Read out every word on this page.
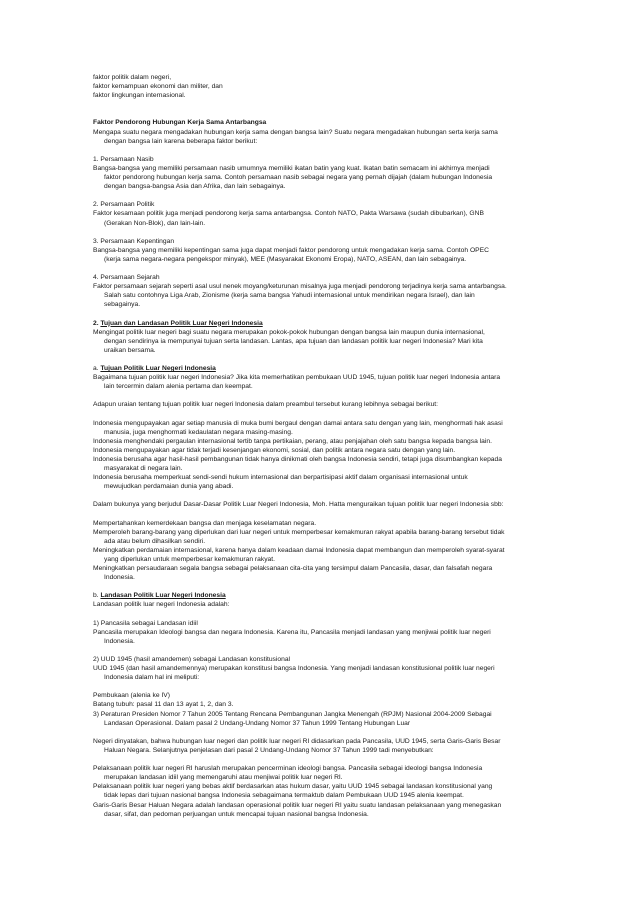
faktor politik dalam negeri,
faktor kemampuan ekonomi dan militer, dan
faktor lingkungan internasional.
Faktor Pendorong Hubungan Kerja Sama Antarbangsa
Mengapa suatu negara mengadakan hubungan kerja sama dengan bangsa lain? Suatu negara mengadakan hubungan serta kerja sama
dengan bangsa lain karena beberapa faktor berikut:
1. Persamaan Nasib
Bangsa-bangsa yang memiliki persamaan nasib umumnya memiliki ikatan batin yang kuat. Ikatan batin semacam ini akhirnya menjadi
faktor pendorong hubungan kerja sama. Contoh persamaan nasib sebagai negara yang pernah dijajah (dalam hubungan Indonesia
dengan bangsa-bangsa Asia dan Afrika, dan lain sebagainya.
2. Persamaan Politik
Faktor kesamaan politik juga menjadi pendorong kerja sama antarbangsa. Contoh NATO, Pakta Warsawa (sudah dibubarkan), GNB
(Gerakan Non-Blok), dan lain-lain.
3. Persamaan Kepentingan
Bangsa-bangsa yang memiliki kepentingan sama juga dapat menjadi faktor pendorong untuk mengadakan kerja sama. Contoh OPEC
(kerja sama negara-negara pengekspor minyak), MEE (Masyarakat Ekonomi Eropa), NATO, ASEAN, dan lain sebagainya.
4. Persamaan Sejarah
Faktor persamaan sejarah seperti asal usul nenek moyang/keturunan misalnya juga menjadi pendorong terjadinya kerja sama antarbangsa.
Salah satu contohnya Liga Arab, Zionisme (kerja sama bangsa Yahudi internasional untuk mendirikan negara Israel), dan lain
sebagainya.
2. Tujuan dan Landasan Politik Luar Negeri Indonesia
Mengingat politik luar negeri bagi suatu negara merupakan pokok-pokok hubungan dengan bangsa lain maupun dunia internasional,
dengan sendirinya ia mempunyai tujuan serta landasan. Lantas, apa tujuan dan landasan politik luar negeri Indonesia? Mari kita
uraikan bersama.
a. Tujuan Politik Luar Negeri Indonesia
Bagaimana tujuan politik luar negeri Indonesia? Jika kita memerhatikan pembukaan UUD 1945, tujuan politik luar negeri Indonesia antara
lain tercermin dalam alenia pertama dan keempat.
Adapun uraian tentang tujuan politik luar negeri Indonesia dalam preambul tersebut kurang lebihnya sebagai berikut:
Indonesia mengupayakan agar setiap manusia di muka bumi bergaul dengan damai antara satu dengan yang lain, menghormati hak asasi
manusia, juga menghormati kedaulatan negara masing-masing.
Indonesia menghendaki pergaulan internasional tertib tanpa pertikaian, perang, atau penjajahan oleh satu bangsa kepada bangsa lain.
Indonesia mengupayakan agar tidak terjadi kesenjangan ekonomi, sosial, dan politik antara negara satu dengan yang lain.
Indonesia berusaha agar hasil-hasil pembangunan tidak hanya dinikmati oleh bangsa Indonesia sendiri, tetapi juga disumbangkan kepada
masyarakat di negara lain.
Indonesia berusaha memperkuat sendi-sendi hukum internasional dan berpartisipasi aktif dalam organisasi internasional untuk
mewujudkan perdamaian dunia yang abadi.
Dalam bukunya yang berjudul Dasar-Dasar Politik Luar Negeri Indonesia, Moh. Hatta menguraikan tujuan politik luar negeri Indonesia sbb:
Mempertahankan kemerdekaan bangsa dan menjaga keselamatan negara.
Memperoleh barang-barang yang diperlukan dari luar negeri untuk memperbesar kemakmuran rakyat apabila barang-barang tersebut tidak
ada atau belum dihasilkan sendiri.
Meningkatkan perdamaian internasional, karena hanya dalam keadaan damai Indonesia dapat membangun dan memperoleh syarat-syarat
yang diperlukan untuk memperbesar kemakmuran rakyat.
Meningkatkan persaudaraan segala bangsa sebagai pelaksanaan cita-cita yang tersimpul dalam Pancasila, dasar, dan falsafah negara
Indonesia.
b. Landasan Politik Luar Negeri Indonesia
Landasan politik luar negeri Indonesia adalah:
1) Pancasila sebagai Landasan idiil
Pancasila merupakan Ideologi bangsa dan negara Indonesia. Karena itu, Pancasila menjadi landasan yang menjiwai politik luar negeri
Indonesia.
2) UUD 1945 (hasil amandemen) sebagai Landasan konstitusional
UUD 1945 (dan hasil amandemennya) merupakan konstitusi bangsa Indonesia. Yang menjadi landasan konstitusional politik luar negeri
Indonesia dalam hal ini meliputi:
Pembukaan (alenia ke IV)
Batang tubuh: pasal 11 dan 13 ayat 1, 2, dan 3.
3) Peraturan Presiden Nomor 7 Tahun 2005 Tentang Rencana Pembangunan Jangka Menengah (RPJM) Nasional 2004-2009 Sebagai
Landasan Operasional. Dalam pasal 2 Undang-Undang Nomor 37 Tahun 1999 Tentang Hubungan Luar
Negeri dinyatakan, bahwa hubungan luar negeri dan politik luar negeri RI didasarkan pada Pancasila, UUD 1945, serta Garis-Garis Besar
Haluan Negara. Selanjutnya penjelasan dari pasal 2 Undang-Undang Nomor 37 Tahun 1999 tadi menyebutkan:
Pelaksanaan politik luar negeri RI haruslah merupakan pencerminan ideologi bangsa. Pancasila sebagai ideologi bangsa Indonesia
merupakan landasan idiil yang memengaruhi atau menjiwai politik luar negeri RI.
Pelaksanaan politik luar negeri yang bebas aktif berdasarkan atas hukum dasar, yaitu UUD 1945 sebagai landasan konstitusional yang
tidak lepas dari tujuan nasional bangsa Indonesia sebagaimana termaktub dalam Pembukaan UUD 1945 alenia keempat.
Garis-Garis Besar Haluan Negara adalah landasan operasional politik luar negeri RI yaitu suatu landasan pelaksanaan yang menegaskan
dasar, sifat, dan pedoman perjuangan untuk mencapai tujuan nasional bangsa Indonesia.
